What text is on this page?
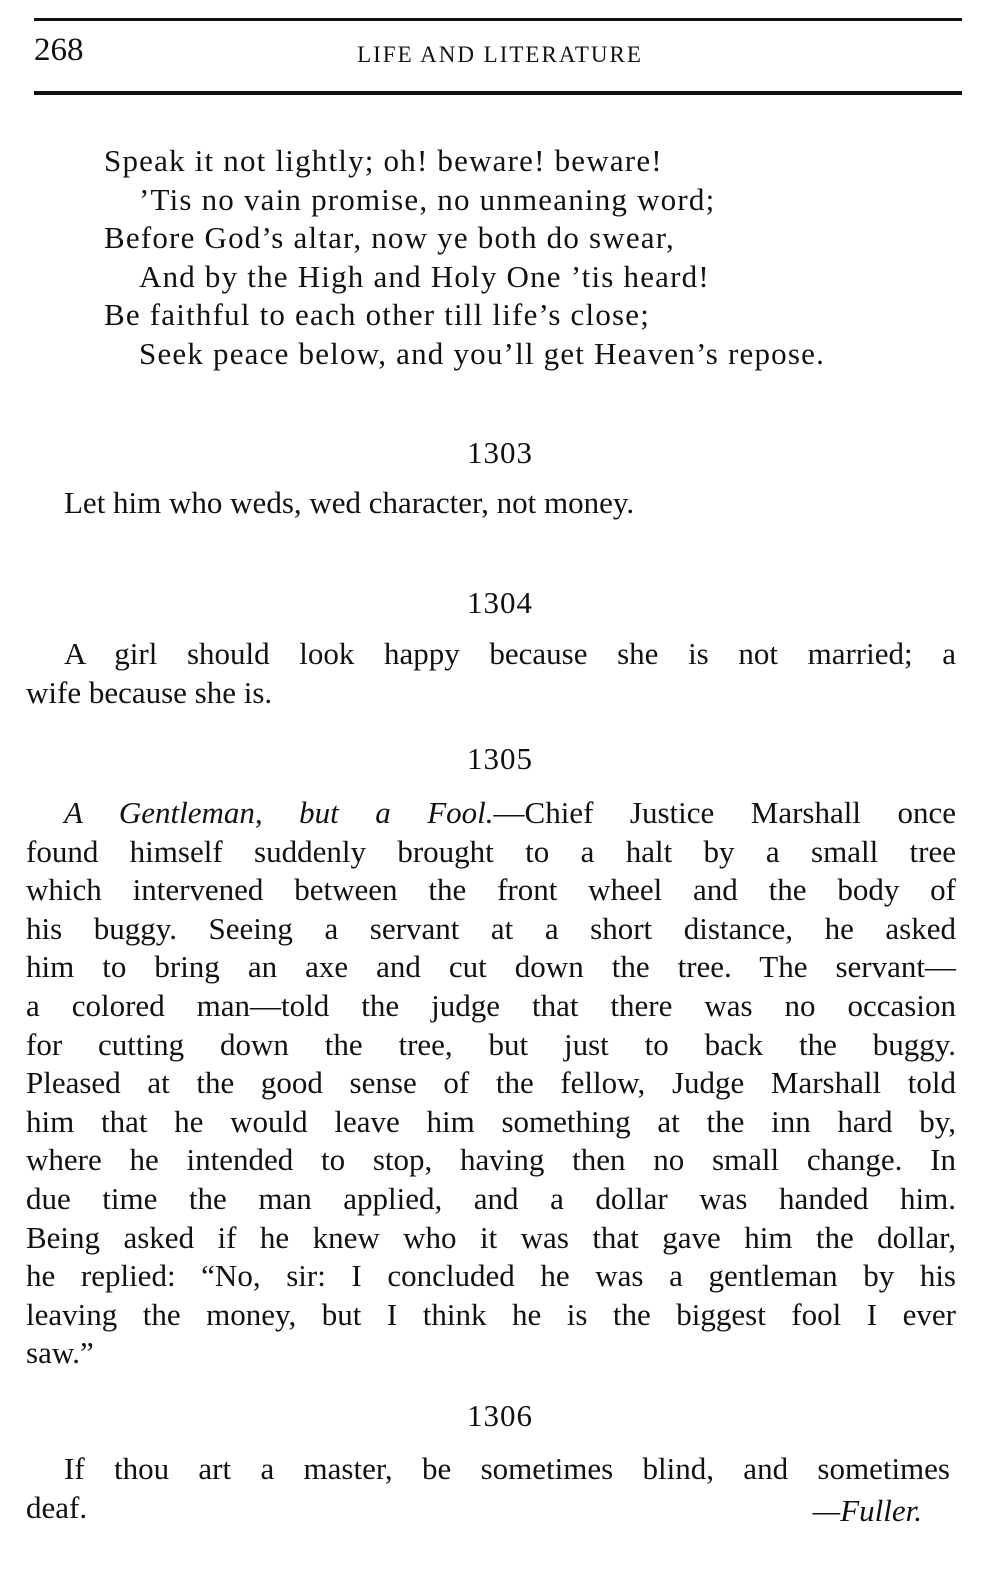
268	LIFE AND LITERATURE
Speak it not lightly; oh! beware! beware!
’Tis no vain promise, no unmeaning word;
Before God’s altar, now ye both do swear,
And by the High and Holy One ’tis heard!
Be faithful to each other till life’s close;
Seek peace below, and you’ll get Heaven’s repose.
1303
Let him who weds, wed character, not money.
1304
A girl should look happy because she is not married; a
wife because she is.
1305
A Gentleman, but a Fool.—Chief Justice Marshall once
found himself suddenly brought to a halt by a small tree
which intervened between the front wheel and the body of
his buggy. Seeing a servant at a short distance, he asked
him to bring an axe and cut down the tree. The servant—
a colored man—told the judge that there was no occasion
for cutting down the tree, but just to back the buggy.
Pleased at the good sense of the fellow, Judge Marshall told
him that he would leave him something at the inn hard by,
where he intended to stop, having then no small change. In
due time the man applied, and a dollar was handed him.
Being asked if he knew who it was that gave him the dollar,
he replied: “No, sir: I concluded he was a gentleman by his
leaving the money, but I think he is the biggest fool I ever
saw.”
1306
If thou art a master, be sometimes blind, and sometimes
deaf.	—Fuller.
